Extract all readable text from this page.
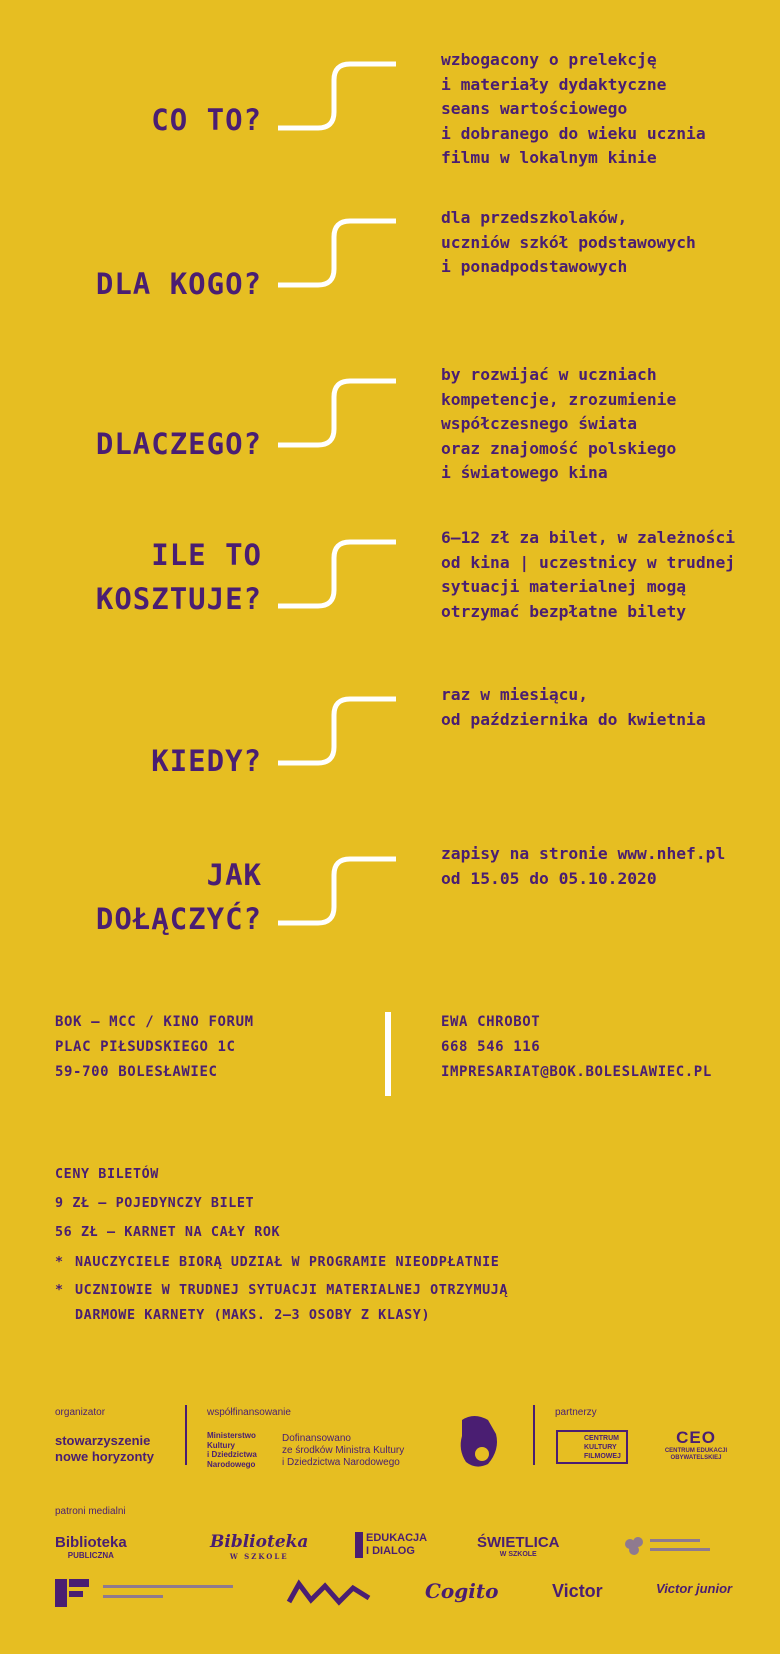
CO TO?
wzbogacony o prelekcję
i materiały dydaktyczne
seans wartościowego
i dobranego do wieku ucznia
filmu w lokalnym kinie
DLA KOGO?
dla przedszkolaków,
uczniów szkół podstawowych
i ponadpodstawowych
DLACZEGO?
by rozwijać w uczniach
kompetencje, zrozumienie
współczesnego świata
oraz znajomość polskiego
i światowego kina
ILE TO
KOSZTUJE?
6–12 zł za bilet, w zależności
od kina | uczestnicy w trudnej
sytuacji materialnej mogą
otrzymać bezpłatne bilety
KIEDY?
raz w miesiącu,
od października do kwietnia
JAK
DOŁĄCZYĆ?
zapisy na stronie www.nhef.pl
od 15.05 do 05.10.2020

BOK – MCC / KINO FORUM

PLAC PIŁSUDSKIEGO 1C

59-700 BOLESŁAWIEC

EWA CHROBOT

668 546 116

IMPRESARIAT@BOK.BOLESLAWIEC.PL

CENY BILETÓW
9 ZŁ – POJEDYNCZY BILET
56 ZŁ – KARNET NA CAŁY ROK
* NAUCZYCIELE BIORĄ UDZIAŁ W PROGRAMIE NIEODPŁATNIE
* UCZNIOWIE W TRUDNEJ SYTUACJI MATERIALNEJ OTRZYMUJĄ
DARMOWE KARNETY (MAKS. 2–3 OSOBY Z KLASY)
organizator
stowarzyszenie
nowe horyzonty
współfinansowanie
Ministerstwo
Kultury
i Dziedzictwa
Narodowego
Dofinansowano
ze środków Ministra Kultury
i Dziedzictwa Narodowego
partnerzy
CENTRUM
KULTURY
FILMOWEJ
CEO
CENTRUM EDUKACJI
OBYWATELSKIEJ
patroni medialni
Biblioteka
PUBLICZNA
Biblioteka
W SZKOLE
EDUKACJA
I DIALOG	ŚWIETLICA
W SZKOLE
Cogito	Victor	Victor junior
